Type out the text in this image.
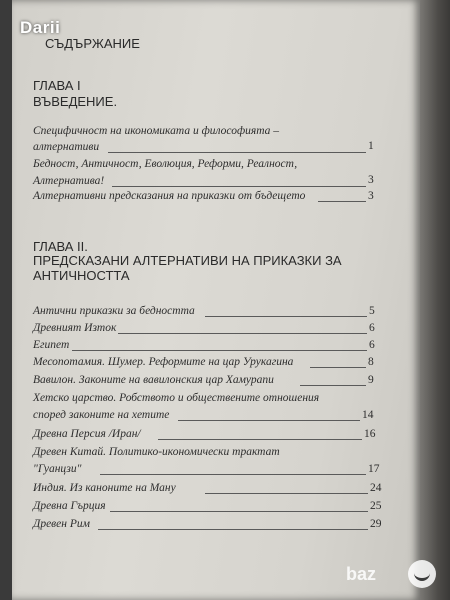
Darii
СЪДЪРЖАНИЕ
ГЛАВА I
ВЪВЕДЕНИЕ.
Специфичност на икономиката и философията –
алтернативи	1
Бедност, Античност, Еволюция, Реформи, Реалност,
Алтернатива!	3
Алтернативни предсказания на приказки от бъдещето	3
ГЛАВА II.
ПРЕДСКАЗАНИ АЛТЕРНАТИВИ НА ПРИКАЗКИ ЗА АНТИЧНОСТТА
Антични приказки за бедността	5
Древният Изток	6
Египет	6
Месопотамия. Шумер. Реформите на цар Урукагина	8
Вавилон. Законите на вавилонския цар Хамурапи	9
Хетско царство. Робството и обществените отношения
според законите на хетите	14
Древна Персия /Иран/	16
Древен Китай. Политико-икономически трактат
"Гуанцзи"	17
Индия. Из каноните на Ману	24
Древна Гърция	25
Древен Рим	29
baz
